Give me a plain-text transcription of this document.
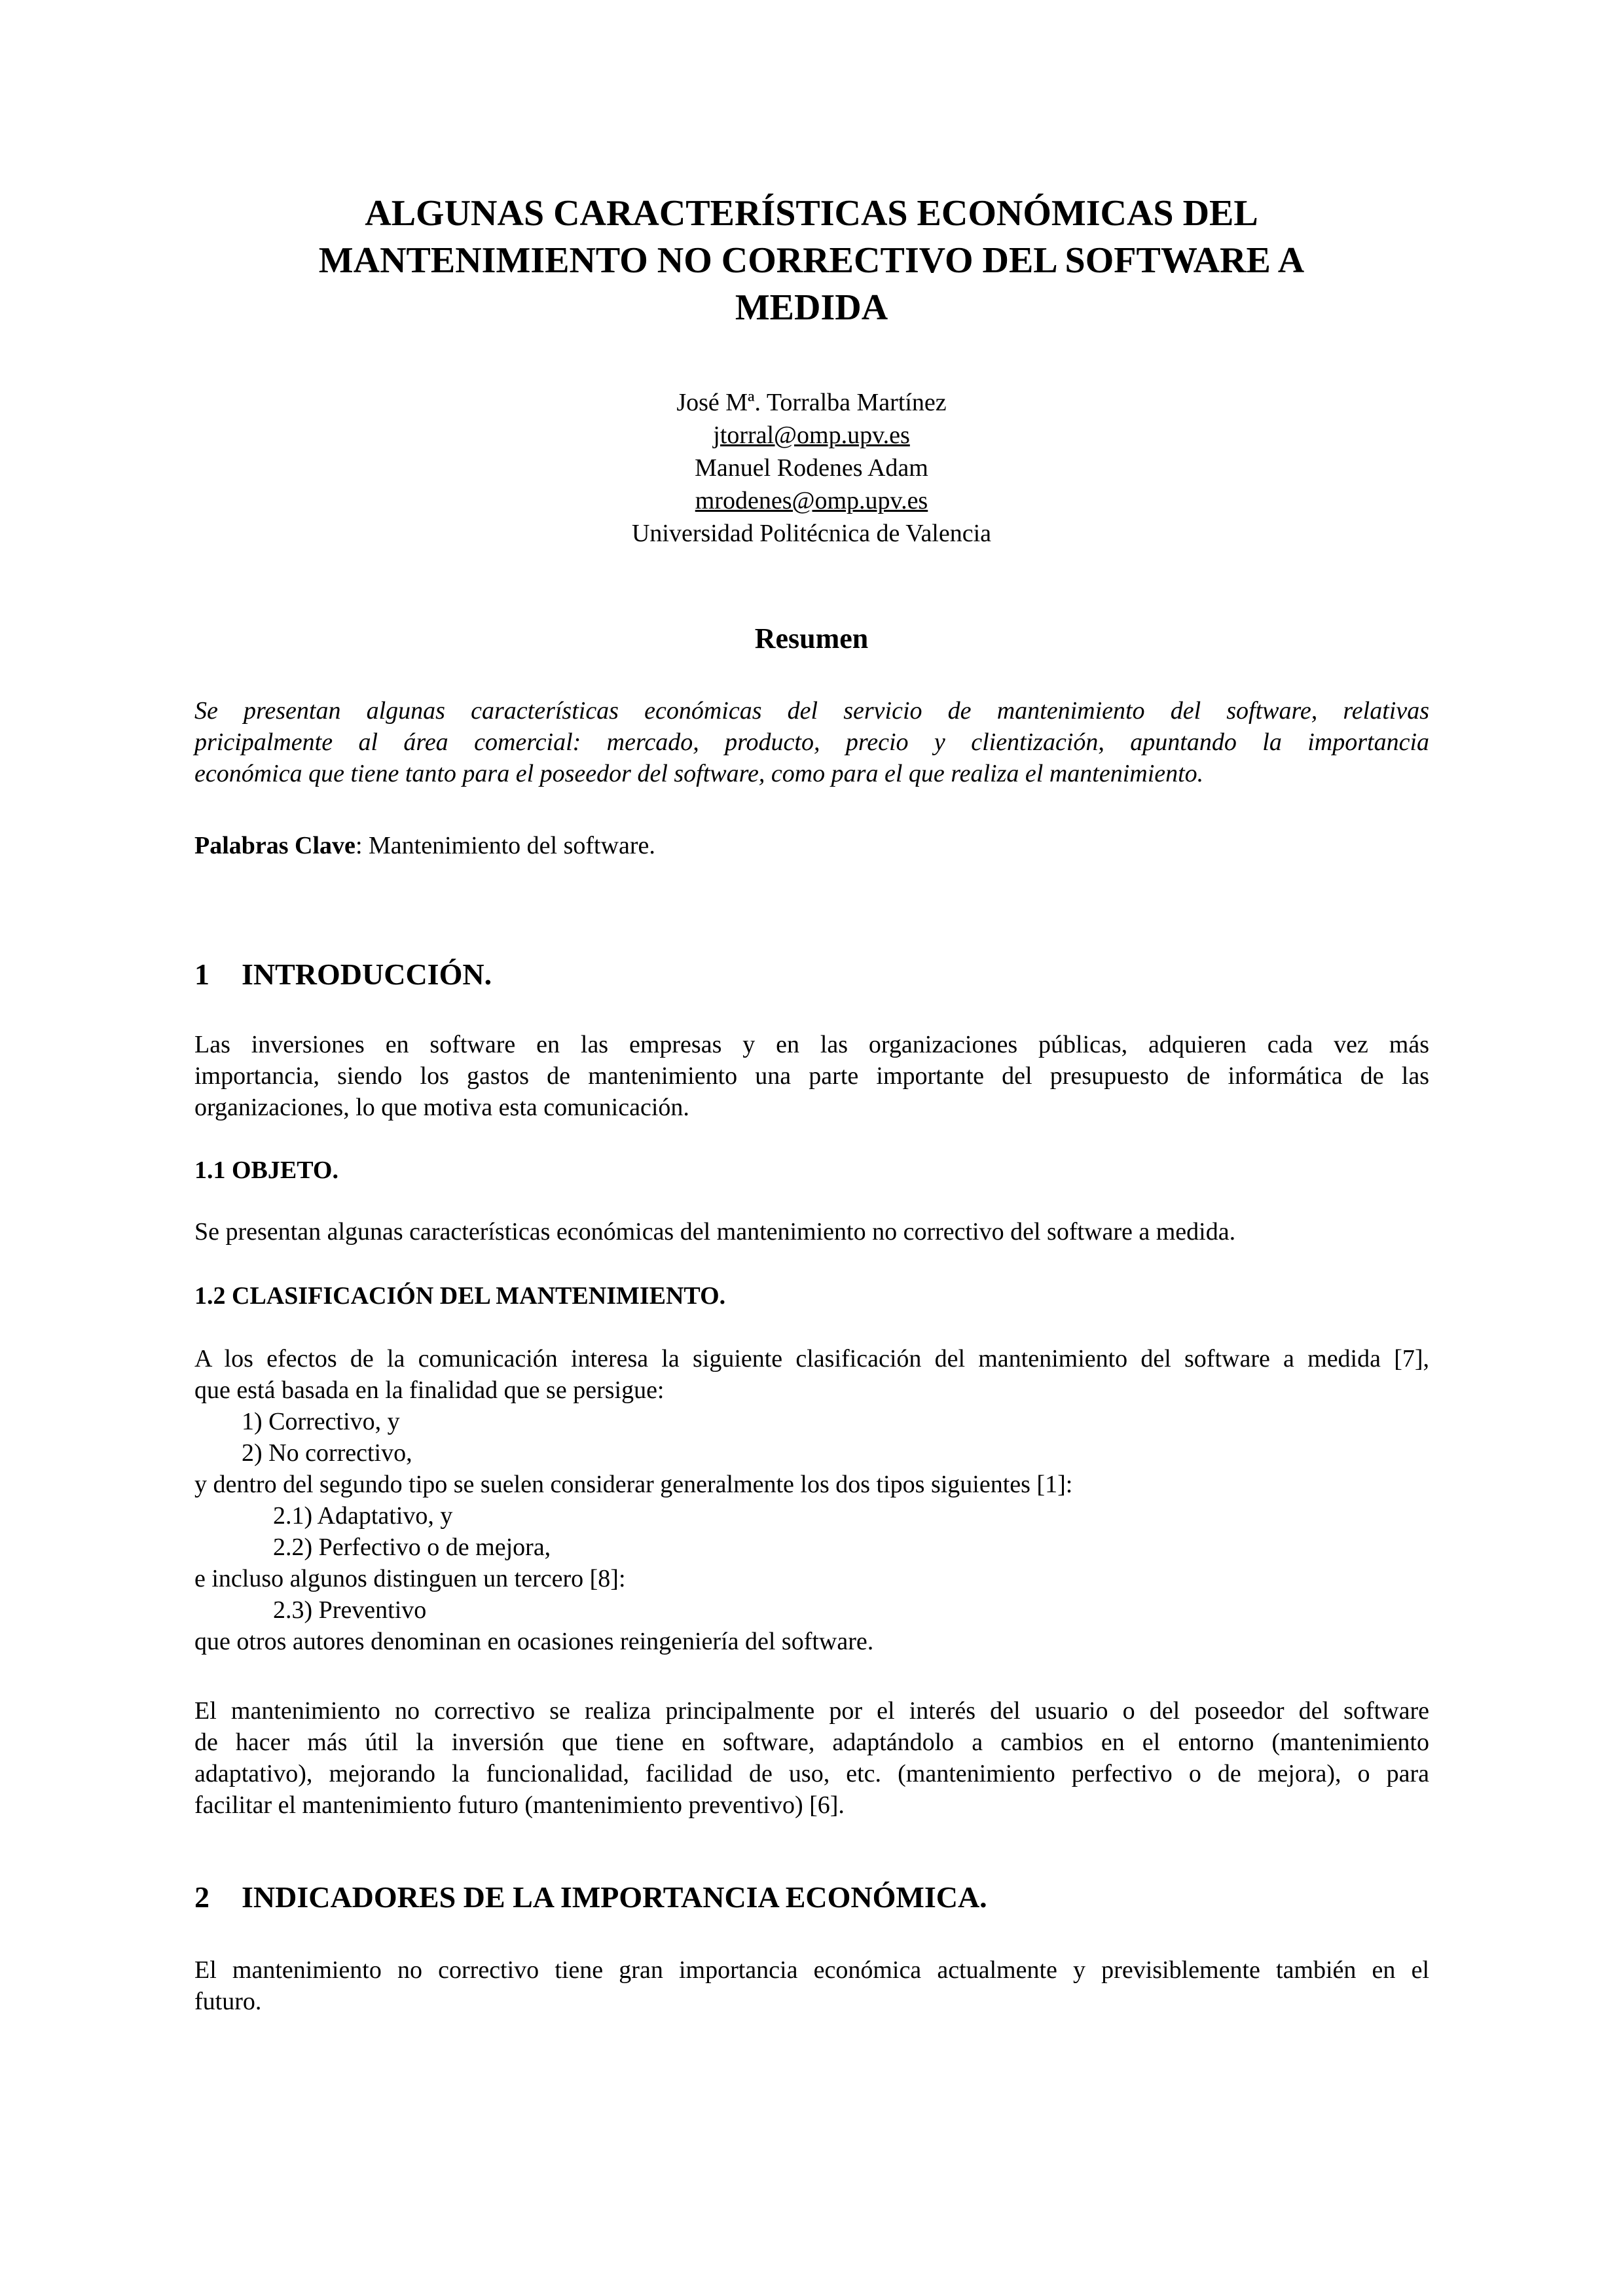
ALGUNAS CARACTERÍSTICAS ECONÓMICAS DEL
MANTENIMIENTO NO CORRECTIVO DEL SOFTWARE A
MEDIDA
José Mª. Torralba Martínez
jtorral@omp.upv.es
Manuel Rodenes Adam
mrodenes@omp.upv.es
Universidad Politécnica de Valencia
Resumen
Se presentan algunas características económicas del servicio de mantenimiento del software, relativas
pricipalmente al área comercial: mercado, producto, precio y clientización, apuntando la importancia
económica que tiene tanto para el poseedor del software, como para el que realiza el mantenimiento.
Palabras Clave: Mantenimiento del software.
1 INTRODUCCIÓN.
Las inversiones en software en las empresas y en las organizaciones públicas, adquieren cada vez más
importancia, siendo los gastos de mantenimiento una parte importante del presupuesto de informática de las
organizaciones, lo que motiva esta comunicación.
1.1 OBJETO.
Se presentan algunas características económicas del mantenimiento no correctivo del software a medida.
1.2 CLASIFICACIÓN DEL MANTENIMIENTO.
A los efectos de la comunicación interesa la siguiente clasificación del mantenimiento del software a medida [7],
que está basada en la finalidad que se persigue:
1) Correctivo, y
2) No correctivo,
y dentro del segundo tipo se suelen considerar generalmente los dos tipos siguientes [1]:
2.1) Adaptativo, y
2.2) Perfectivo o de mejora,
e incluso algunos distinguen un tercero [8]:
2.3) Preventivo
que otros autores denominan en ocasiones reingeniería del software.
El mantenimiento no correctivo se realiza principalmente por el interés del usuario o del poseedor del software
de hacer más útil la inversión que tiene en software, adaptándolo a cambios en el entorno (mantenimiento
adaptativo), mejorando la funcionalidad, facilidad de uso, etc. (mantenimiento perfectivo o de mejora), o para
facilitar el mantenimiento futuro (mantenimiento preventivo) [6].
2 INDICADORES DE LA IMPORTANCIA ECONÓMICA.
El mantenimiento no correctivo tiene gran importancia económica actualmente y previsiblemente también en el
futuro.
